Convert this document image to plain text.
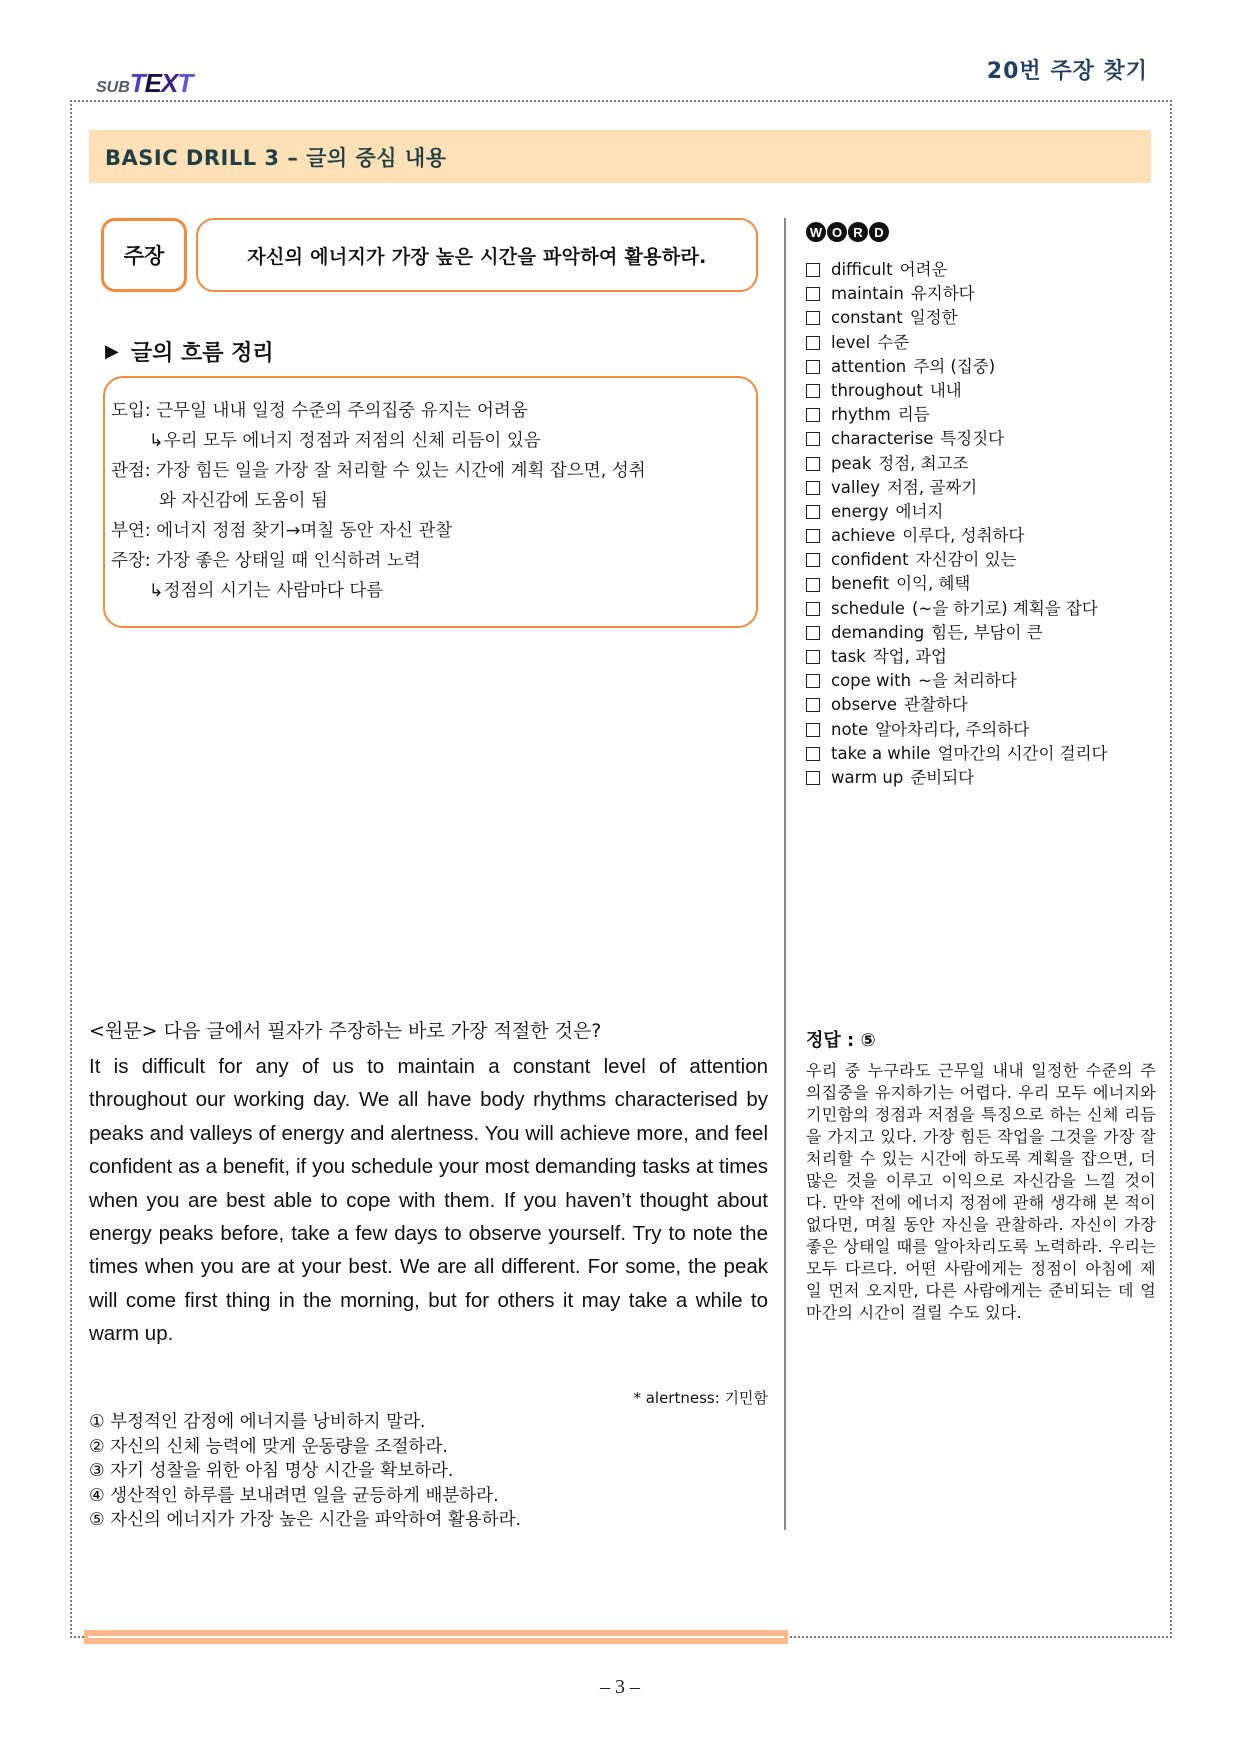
SUB T E X T	20번 주장 찾기
BASIC DRILL 3 – 글의 중심 내용
주장	자신의 에너지가 가장 높은 시간을 파악하여 활용하라.
▶ 글의 흐름 정리
도입: 근무일 내내 일정 수준의 주의집중 유지는 어려움
↳우리 모두 에너지 정점과 저점의 신체 리듬이 있음
관점: 가장 힘든 일을 가장 잘 처리할 수 있는 시간에 계획 잡으면, 성취
와 자신감에 도움이 됨
부연: 에너지 정점 찾기→며칠 동안 자신 관찰
주장: 가장 좋은 상태일 때 인식하려 노력
↳정점의 시기는 사람마다 다름
W O R D
difficult 어려운
maintain 유지하다
constant 일정한
level 수준
attention 주의 (집중)
throughout 내내
rhythm 리듬
characterise 특징짓다
peak 정점, 최고조
valley 저점, 골짜기
energy 에너지
achieve 이루다, 성취하다
confident 자신감이 있는
benefit 이익, 혜택
schedule (~을 하기로) 계획을 잡다
demanding 힘든, 부담이 큰
task 작업, 과업
cope with ~을 처리하다
observe 관찰하다
note 알아차리다, 주의하다
take a while 얼마간의 시간이 걸리다
warm up 준비되다
<원문> 다음 글에서 필자가 주장하는 바로 가장 적절한 것은?

It is difficult for any of us to maintain a constant level of attention throughout our working day. We all have body rhythms characterised by peaks and valleys of energy and alertness. You will achieve more, and feel confident as a benefit, if you schedule your most demanding tasks at times when you are best able to cope with them. If you haven’t thought about energy peaks before, take a few days to observe yourself. Try to note the times when you are at your best. We are all different. For some, the peak will come first thing in the morning, but for others it may take a while to warm up.

* alertness: 기민함
① 부정적인 감정에 에너지를 낭비하지 말라.
② 자신의 신체 능력에 맞게 운동량을 조절하라.
③ 자기 성찰을 위한 아침 명상 시간을 확보하라.
④ 생산적인 하루를 보내려면 일을 균등하게 배분하라.
⑤ 자신의 에너지가 가장 높은 시간을 파악하여 활용하라.
정답 : ⑤

우리 중 누구라도 근무일 내내 일정한 수준의 주의집중을 유지하기는 어렵다. 우리 모두 에너지와 기민함의 정점과 저점을 특징으로 하는 신체 리듬을 가지고 있다. 가장 힘든 작업을 그것을 가장 잘 처리할 수 있는 시간에 하도록 계획을 잡으면, 더 많은 것을 이루고 이익으로 자신감을 느낄 것이다. 만약 전에 에너지 정점에 관해 생각해 본 적이 없다면, 며칠 동안 자신을 관찰하라. 자신이 가장 좋은 상태일 때를 알아차리도록 노력하라. 우리는 모두 다르다. 어떤 사람에게는 정점이 아침에 제일 먼저 오지만, 다른 사람에게는 준비되는 데 얼마간의 시간이 걸릴 수도 있다.

– 3 –
